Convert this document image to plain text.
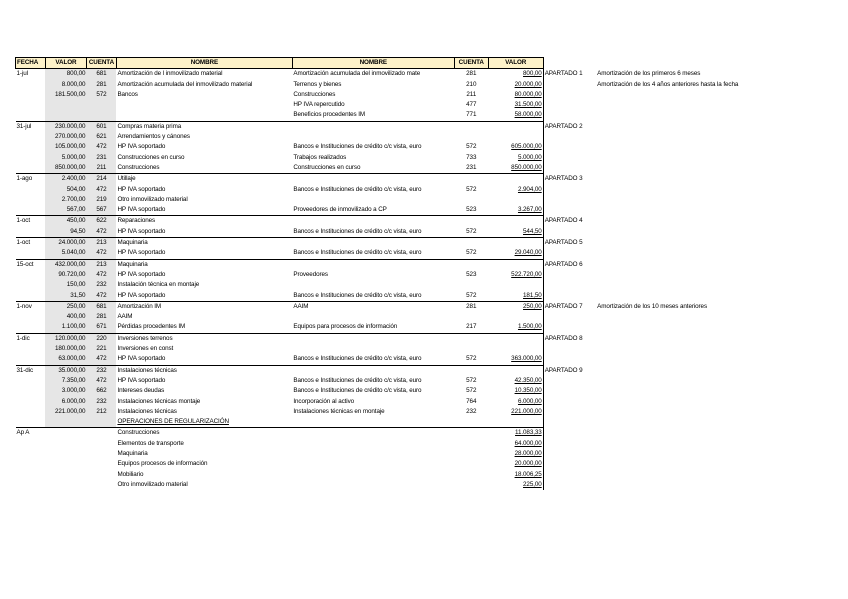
FECHA	VALOR	CUENTA	NOMBRE	NOMBRE	CUENTA	VALOR		
1-jul	800,00	681	Amortización de l inmovilizado material	Amortización acumulada del inmovilizado mate	281	800,00	APARTADO 1	Amortización de los primeros 6 meses
	8.000,00	281	Amortización acumulada del inmovilizado material	Terrenos y bienes	210	20.000,00		Amortización de los 4 años anteriores hasta la fecha
	181.500,00	572	Bancos	Construcciones	211	80.000,00		
				HP IVA repercutido	477	31.500,00		
				Beneficios procedentes IM	771	58.000,00		
31-jul	230.000,00	601	Compras materia prima				APARTADO 2	
	270.000,00	621	Arrendamientos y cánones					
	105.000,00	472	HP IVA soportado	Bancos e Instituciones de crédito c/c vista, euro	572	605.000,00		
	5.000,00	231	Construcciones en curso	Trabajos realizados	733	5.000,00		
	850.000,00	211	Construcciones	Construcciones en curso	231	850.000,00		
1-ago	2.400,00	214	Utillaje				APARTADO 3	
	504,00	472	HP IVA soportado	Bancos e Instituciones de crédito c/c vista, euro	572	2.904,00		
	2.700,00	219	Otro inmovilizado material					
	567,00	567	HP IVA soportado	Proveedores de inmovilizado a CP	523	3.267,00		
1-oct	450,00	622	Reparaciones				APARTADO 4	
	94,50	472	HP IVA soportado	Bancos e Instituciones de crédito c/c vista, euro	572	544,50		
1-oct	24.000,00	213	Maquinaria				APARTADO 5	
	5.040,00	472	HP IVA soportado	Bancos e Instituciones de crédito c/c vista, euro	572	29.040,00		
15-oct	432.000,00	213	Maquinaria				APARTADO 6	
	90.720,00	472	HP IVA soportado	Proveedores	523	522.720,00		
	150,00	232	Instalación técnica en montaje					
	31,50	472	HP IVA soportado	Bancos e Instituciones de crédito c/c vista, euro	572	181,50		
1-nov	250,00	681	Amortización IM	AAIM	281	250,00	APARTADO 7	Amortización de los 10 meses anteriores
	400,00	281	AAIM					
	1.100,00	671	Pérdidas procedentes IM	Equipos para procesos de información	217	1.500,00		
1-dic	120.000,00	220	Inversiones terrenos				APARTADO 8	
	180.000,00	221	Inversiones en const					
	63.000,00	472	HP IVA soportado	Bancos e Instituciones de crédito c/c vista, euro	572	363.000,00		
31-dic	35.000,00	232	Instalaciones técnicas				APARTADO 9	
	7.350,00	472	HP IVA soportado	Bancos e Instituciones de crédito c/c vista, euro	572	42.350,00		
	3.000,00	662	Intereses deudas	Bancos e Instituciones de crédito c/c vista, euro	572	10.350,00		
	6.000,00	232	Instalaciones técnicas montaje	Incorporación al activo	764	6.000,00		
	221.000,00	212	Instalaciones técnicas	Instalaciones técnicas en montaje	232	221.000,00		
			OPERACIONES DE REGULARIZACIÓN					
Ap A			Construcciones			11.083,33		
			Elementos de transporte			64.000,00		
			Maquinaria			28.000,00		
			Equipos procesos de información			20.000,00		
			Mobiliario			18.006,25		
			Otro inmovilizado material			225,00		
